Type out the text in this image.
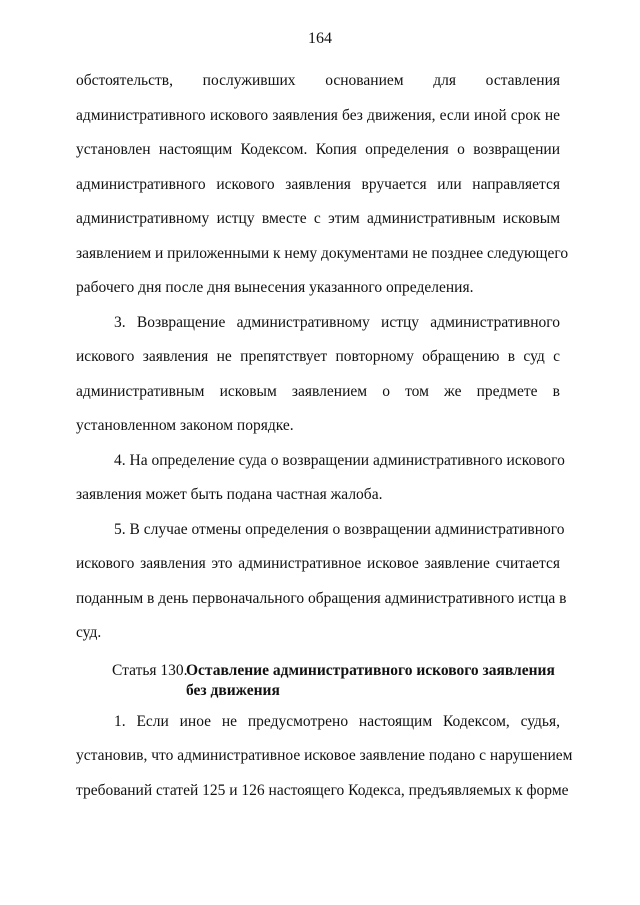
164
обстоятельств, послуживших основанием для оставления
административного искового заявления без движения, если иной срок не
установлен настоящим Кодексом. Копия определения о возвращении
административного искового заявления вручается или направляется
административному истцу вместе с этим административным исковым
заявлением и приложенными к нему документами не позднее следующего
рабочего дня после дня вынесения указанного определения.
3. Возвращение административному истцу административного
искового заявления не препятствует повторному обращению в суд с
административным исковым заявлением о том же предмете в
установленном законом порядке.
4. На определение суда о возвращении административного искового
заявления может быть подана частная жалоба.
5. В случае отмены определения о возвращении административного
искового заявления это административное исковое заявление считается
поданным в день первоначального обращения административного истца в
суд.
Статья 130.
Оставление административного искового заявления
без движения
1. Если иное не предусмотрено настоящим Кодексом, судья,
установив, что административное исковое заявление подано с нарушением
требований статей 125 и 126 настоящего Кодекса, предъявляемых к форме
